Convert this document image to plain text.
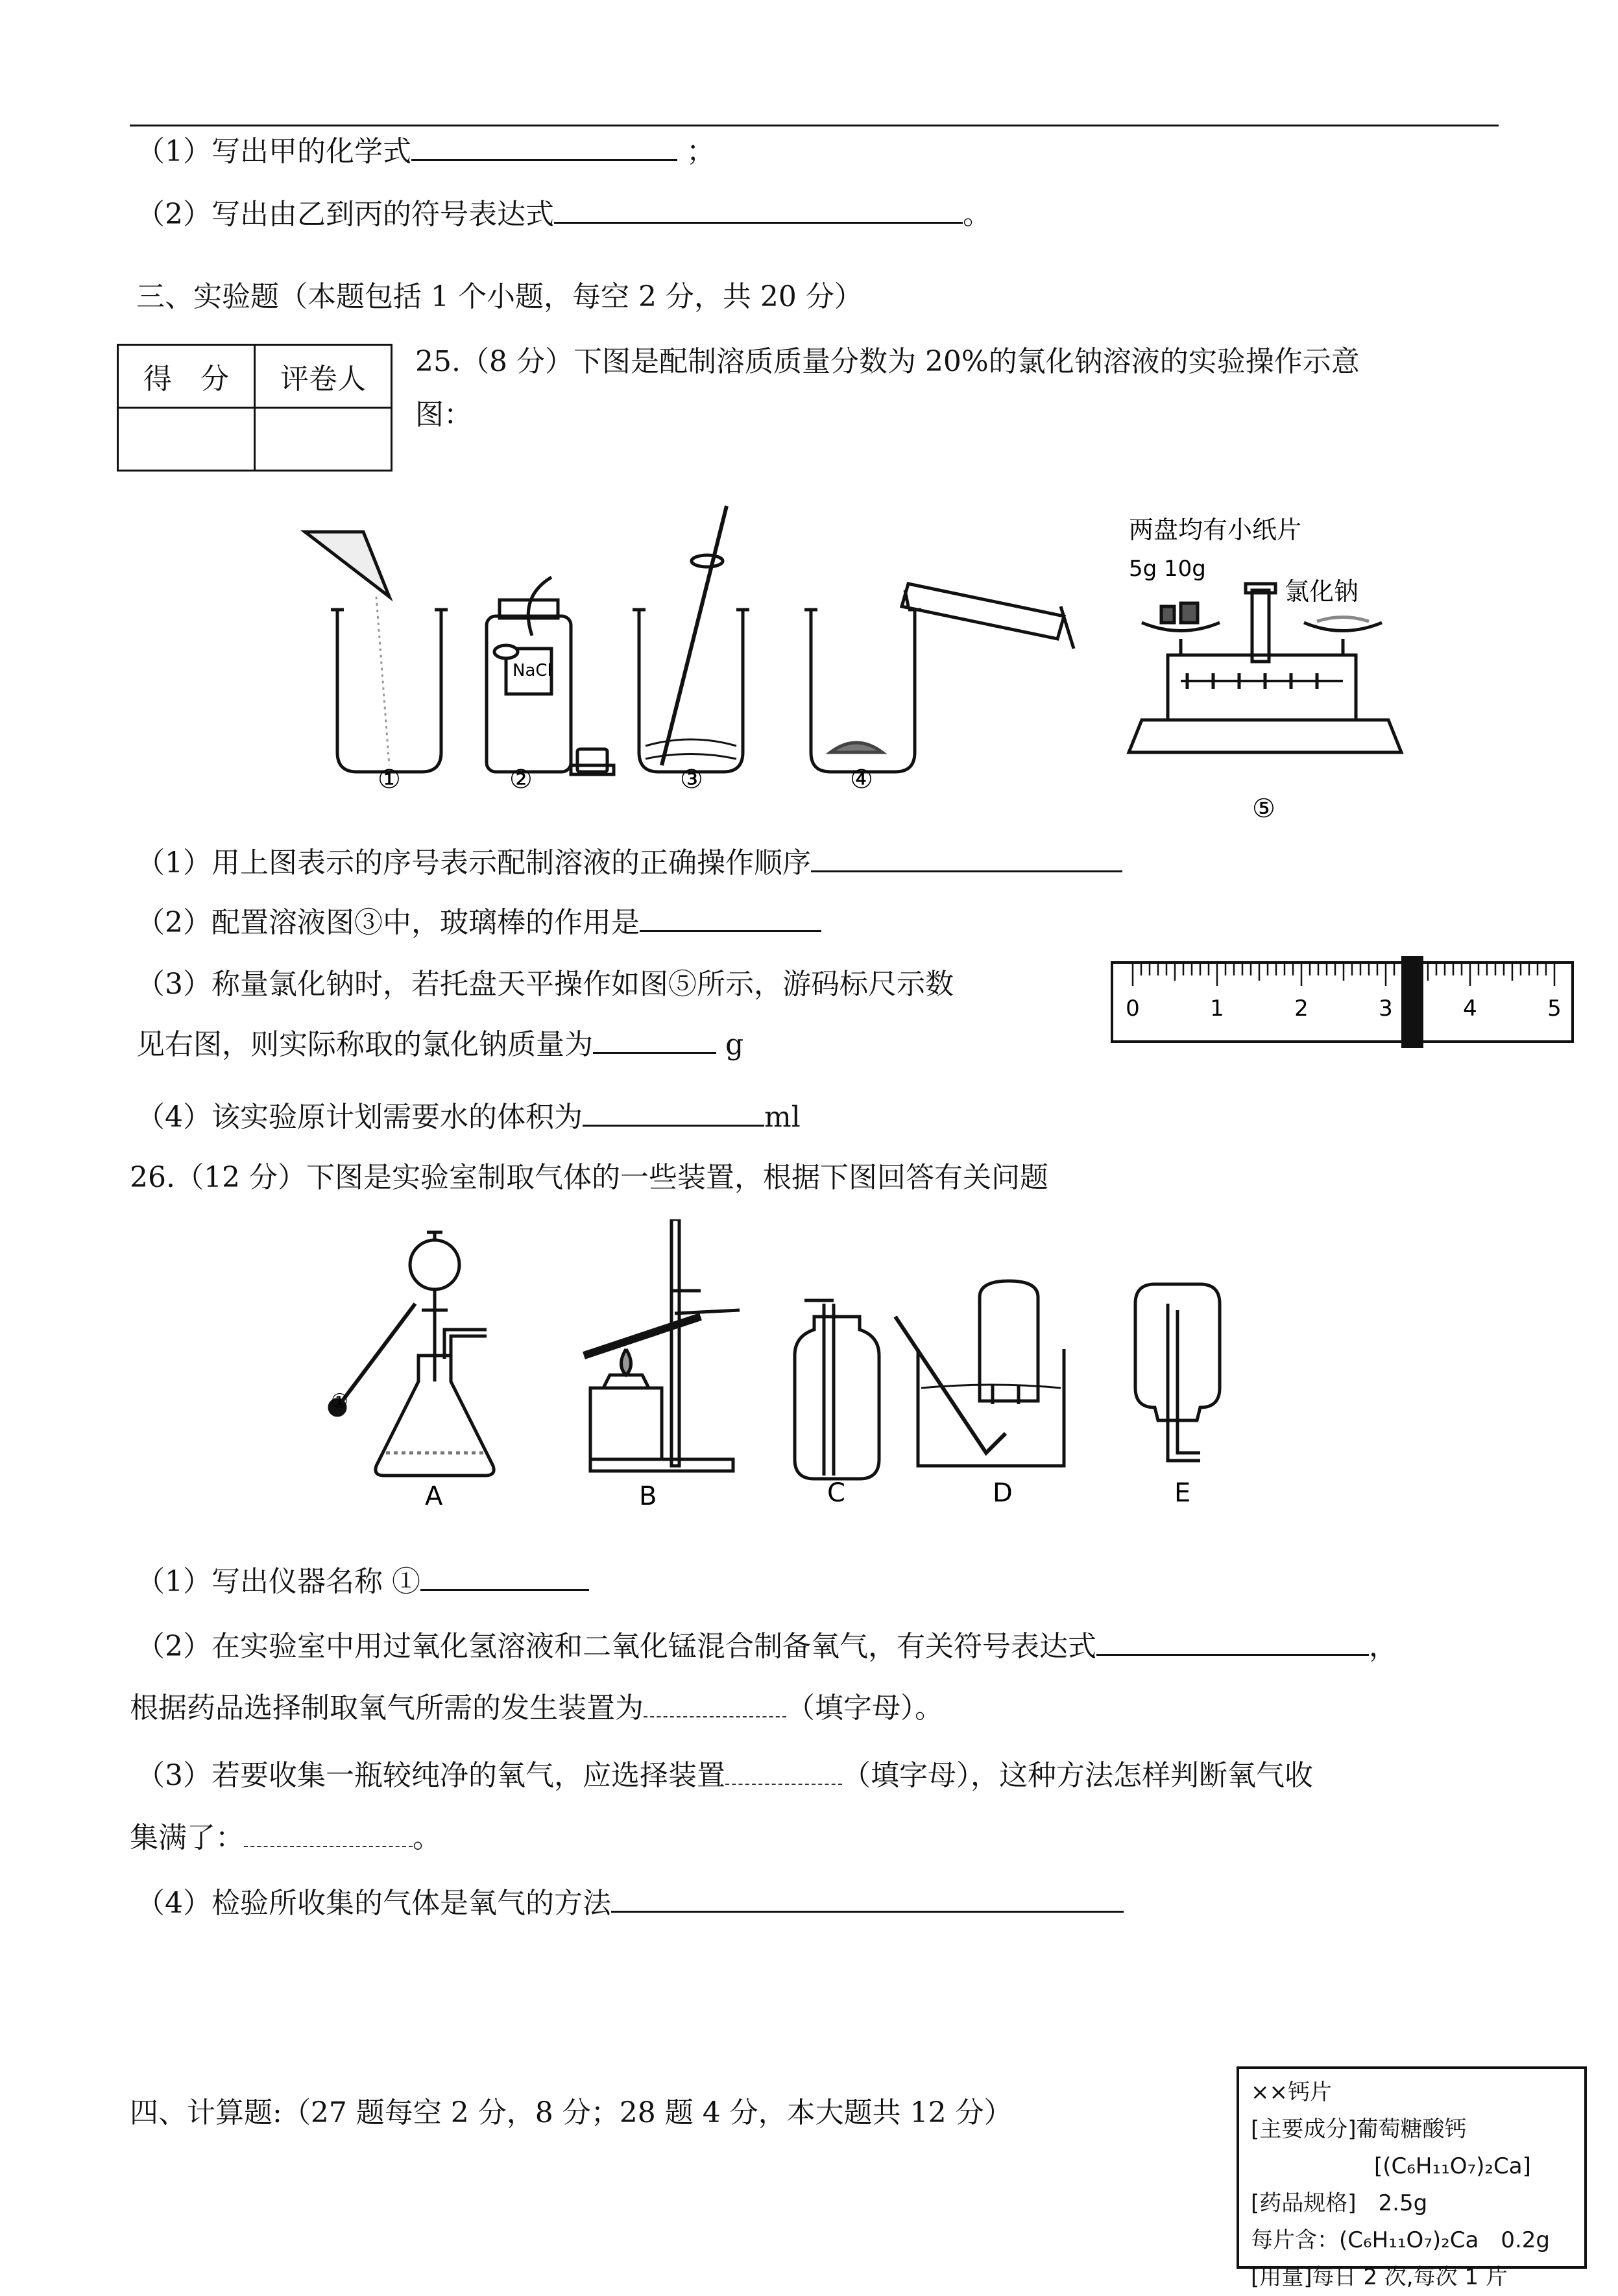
（1）写出甲的化学式	；
（2）写出由乙到丙的符号表达式	。
三、实验题（本题包括 1 个小题，每空 2 分，共 20 分）
得　分	评卷人

25.（8 分）下图是配制溶质质量分数为 20%的氯化钠溶液的实验操作示意
图：
NaCl
两盘均有小纸片
5g 10g
氯化钠
①	②	③	④
⑤
（1）用上图表示的序号表示配制溶液的正确操作顺序
（2）配置溶液图③中，玻璃棒的作用是
（3）称量氯化钠时，若托盘天平操作如图⑤所示，游码标尺示数
见右图，则实际称取的氯化钠质量为	g
0	1	2	3	4	5
（4）该实验原计划需要水的体积为	ml
26.（12 分）下图是实验室制取气体的一些装置，根据下图回答有关问题
①
A	B	C	D	E
（1）写出仪器名称 ①
（2）在实验室中用过氧化氢溶液和二氧化锰混合制备氧气，有关符号表达式	，
根据药品选择制取氧气所需的发生装置为	（填字母）。
（3）若要收集一瓶较纯净的氧气，应选择装置	（填字母），这种方法怎样判断氧气收
集满了：	。
（4）检验所收集的气体是氧气的方法
四、计算题:（27 题每空 2 分，8 分；28 题 4 分，本大题共 12 分）
××钙片
[主要成分]葡萄糖酸钙
[(C₆H₁₁O₇)₂Ca]
[药品规格]　2.5g
每片含：(C₆H₁₁O₇)₂Ca　0.2g
[用量]每日 2 次,每次 1 片
